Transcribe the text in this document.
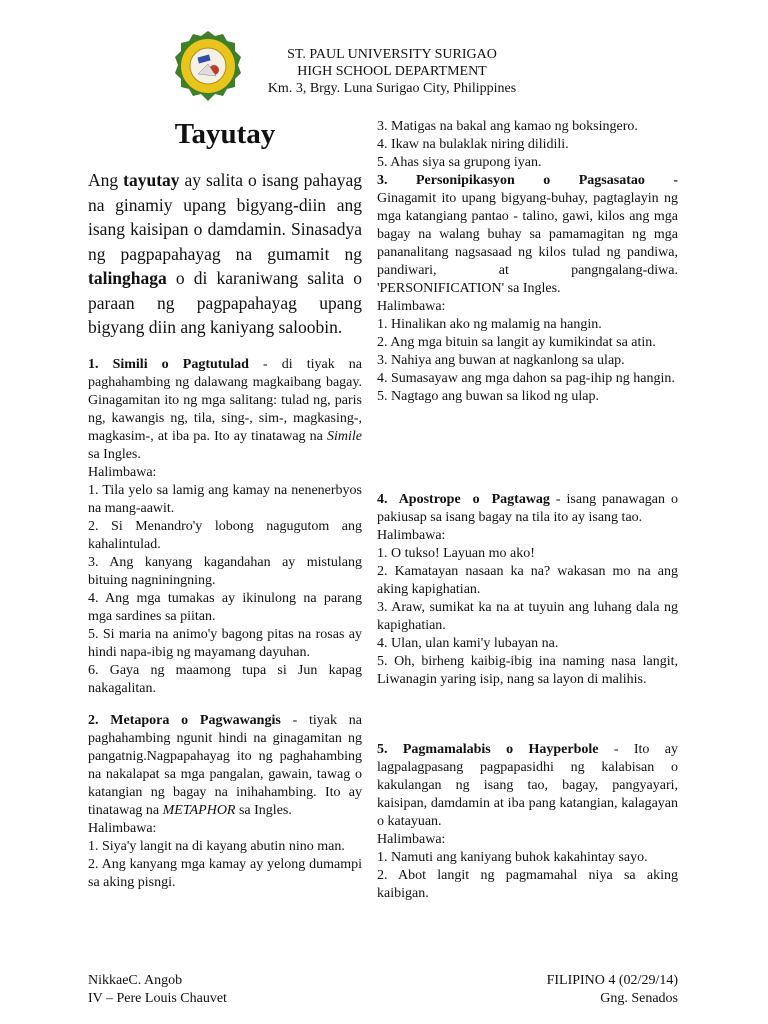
ST. PAUL UNIVERSITY SURIGAO
HIGH SCHOOL DEPARTMENT
Km. 3, Brgy. Luna Surigao City, Philippines
Tayutay
Ang tayutay ay salita o isang pahayag na ginamiy upang bigyang-diin ang isang kaisipan o damdamin. Sinasadya ng pagpapahayag na gumamit ng talinghaga o di karaniwang salita o paraan ng pagpapahayag upang bigyang diin ang kaniyang saloobin.
1. Simili o Pagtutulad - di tiyak na paghahambing ng dalawang magkaibang bagay. Ginagamitan ito ng mga salitang: tulad ng, paris ng, kawangis ng, tila, sing-, sim-, magkasing-, magkasim-, at iba pa. Ito ay tinatawag na Simile sa Ingles.
Halimbawa:
1. Tila yelo sa lamig ang kamay na nenenerbyos na mang-aawit.
2. Si Menandro'y lobong nagugutom ang kahalintulad.
3. Ang kanyang kagandahan ay mistulang bituing nagniningning.
4. Ang mga tumakas ay ikinulong na parang mga sardines sa piitan.
5. Si maria na animo'y bagong pitas na rosas ay hindi napa-ibig ng mayamang dayuhan.
6. Gaya ng maamong tupa si Jun kapag nakagalitan.
2. Metapora o Pagwawangis - tiyak na paghahambing ngunit hindi na ginagamitan ng pangatnig.Nagpapahayag ito ng paghahambing na nakalapat sa mga pangalan, gawain, tawag o katangian ng bagay na inihahambing. Ito ay tinatawag na METAPHOR sa Ingles.
Halimbawa:
1. Siya'y langit na di kayang abutin nino man.
2. Ang kanyang mga kamay ay yelong dumampi sa aking pisngi.
3. Matigas na bakal ang kamao ng boksingero.
4. Ikaw na bulaklak niring dilidili.
5. Ahas siya sa grupong iyan.
3. Personipikasyon o Pagsasatao -
Ginagamit ito upang bigyang-buhay, pagtaglayin ng mga katangiang pantao - talino, gawi, kilos ang mga bagay na walang buhay sa pamamagitan ng mga pananalitang nagsasaad ng kilos tulad ng pandiwa, pandiwari, at pangngalang-diwa. 'PERSONIFICATION' sa Ingles.
Halimbawa:
1. Hinalikan ako ng malamig na hangin.
2. Ang mga bituin sa langit ay kumikindat sa atin.
3. Nahiya ang buwan at nagkanlong sa ulap.
4. Sumasayaw ang mga dahon sa pag-ihip ng hangin.
5. Nagtago ang buwan sa likod ng ulap.
4. Apostrope o Pagtawag - isang panawagan o pakiusap sa isang bagay na tila ito ay isang tao.
Halimbawa:
1. O tukso! Layuan mo ako!
2. Kamatayan nasaan ka na? wakasan mo na ang aking kapighatian.
3. Araw, sumikat ka na at tuyuin ang luhang dala ng kapighatian.
4. Ulan, ulan kami'y lubayan na.
5. Oh, birheng kaibig-ibig ina naming nasa langit, Liwanagin yaring isip, nang sa layon di malihis.
5. Pagmamalabis o Hayperbole - Ito ay lagpalagpasang pagpapasidhi ng kalabisan o kakulangan ng isang tao, bagay, pangyayari, kaisipan, damdamin at iba pang katangian, kalagayan o katayuan.
Halimbawa:
1. Namuti ang kaniyang buhok kakahintay sayo.
2. Abot langit ng pagmamahal niya sa aking kaibigan.
NikkaeC. Angob
IV – Pere Louis Chauvet
FILIPINO 4 (02/29/14)
Gng. Senados
